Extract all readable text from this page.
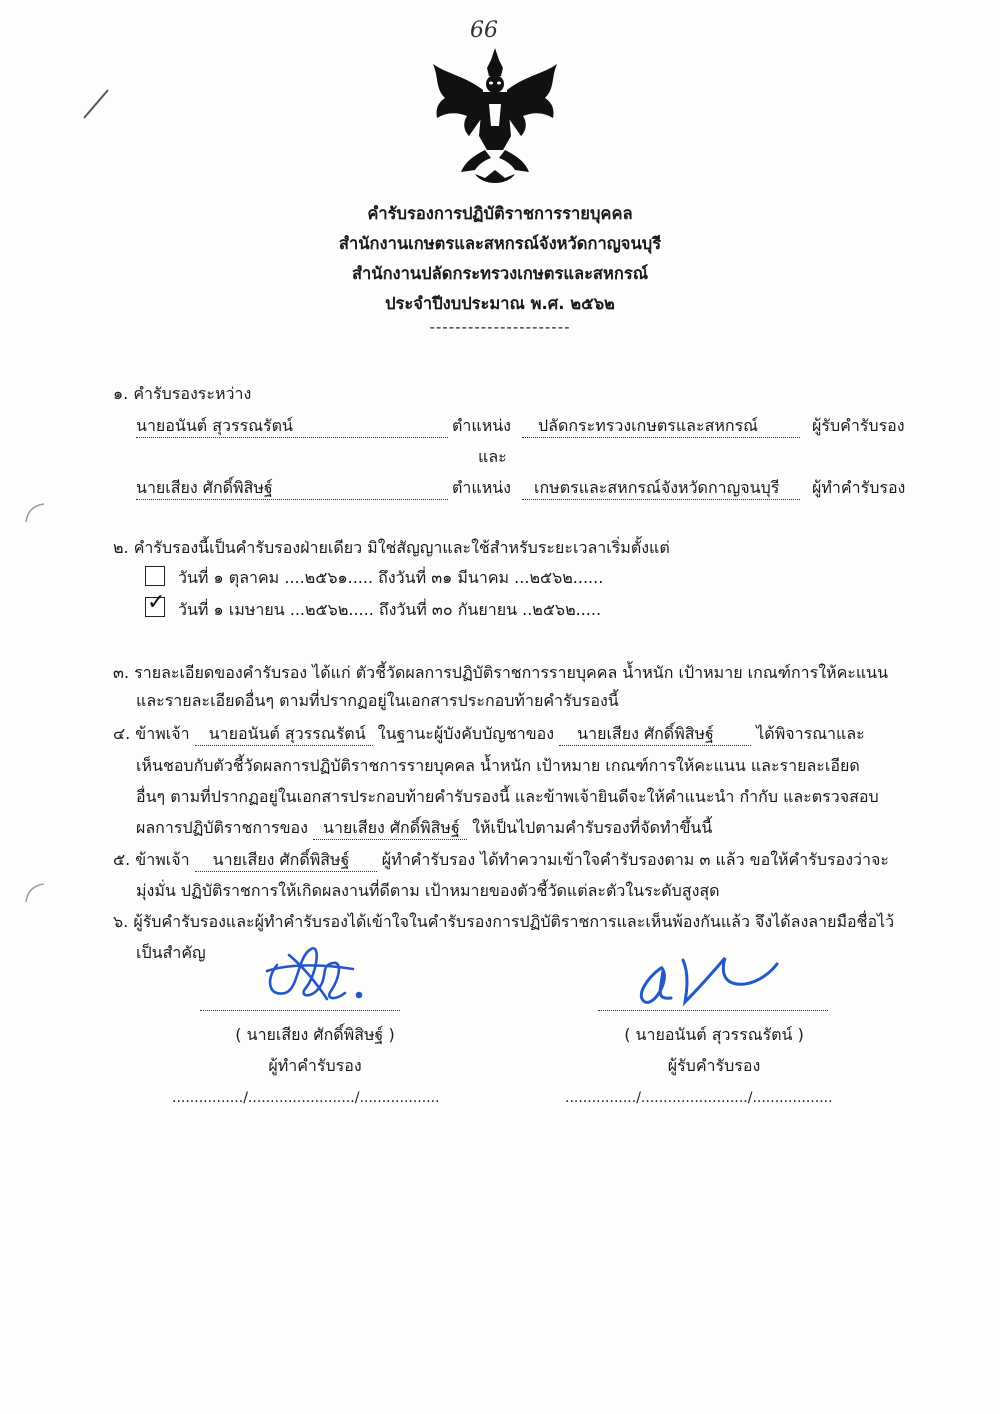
66
คำรับรองการปฏิบัติราชการรายบุคคล
สำนักงานเกษตรและสหกรณ์จังหวัดกาญจนบุรี
สำนักงานปลัดกระทรวงเกษตรและสหกรณ์
ประจำปีงบประมาณ พ.ศ. ๒๕๖๒
----------------------
๑. คำรับรองระหว่าง
นายอนันต์ สุวรรณรัตน์	ตำแหน่ง	ปลัดกระทรวงเกษตรและสหกรณ์	ผู้รับคำรับรอง
และ
นายเสียง ศักดิ์พิสิษฐ์	ตำแหน่ง	เกษตรและสหกรณ์จังหวัดกาญจนบุรี	ผู้ทำคำรับรอง
๒. คำรับรองนี้เป็นคำรับรองฝ่ายเดียว มิใช่สัญญาและใช้สำหรับระยะเวลาเริ่มตั้งแต่
วันที่ ๑ ตุลาคม ....๒๕๖๑..... ถึงวันที่ ๓๑ มีนาคม ...๒๕๖๒......
✓ วันที่ ๑ เมษายน ...๒๕๖๒..... ถึงวันที่ ๓๐ กันยายน ..๒๕๖๒.....
๓. รายละเอียดของคำรับรอง ได้แก่ ตัวชี้วัดผลการปฏิบัติราชการรายบุคคล น้ำหนัก เป้าหมาย เกณฑ์การให้คะแนน
และรายละเอียดอื่นๆ ตามที่ปรากฏอยู่ในเอกสารประกอบท้ายคำรับรองนี้
๔. ข้าพเจ้า นายอนันต์ สุวรรณรัตน์ ในฐานะผู้บังคับบัญชาของ นายเสียง ศักดิ์พิสิษฐ์	ได้พิจารณาและ
เห็นชอบกับตัวชี้วัดผลการปฏิบัติราชการรายบุคคล น้ำหนัก เป้าหมาย เกณฑ์การให้คะแนน และรายละเอียด
อื่นๆ ตามที่ปรากฏอยู่ในเอกสารประกอบท้ายคำรับรองนี้ และข้าพเจ้ายินดีจะให้คำแนะนำ กำกับ และตรวจสอบ
ผลการปฏิบัติราชการของ นายเสียง ศักดิ์พิสิษฐ์ ให้เป็นไปตามคำรับรองที่จัดทำขึ้นนี้
๕. ข้าพเจ้า นายเสียง ศักดิ์พิสิษฐ์ ผู้ทำคำรับรอง ได้ทำความเข้าใจคำรับรองตาม ๓ แล้ว ขอให้คำรับรองว่าจะ
มุ่งมั่น ปฏิบัติราชการให้เกิดผลงานที่ดีตาม เป้าหมายของตัวชี้วัดแต่ละตัวในระดับสูงสุด
๖. ผู้รับคำรับรองและผู้ทำคำรับรองได้เข้าใจในคำรับรองการปฏิบัติราชการและเห็นพ้องกันแล้ว จึงได้ลงลายมือชื่อไว้
เป็นสำคัญ
( นายเสียง ศักดิ์พิสิษฐ์ )	( นายอนันต์ สุวรรณรัตน์ )
ผู้ทำคำรับรอง	ผู้รับคำรับรอง
................/......................../..................	................/......................../..................
